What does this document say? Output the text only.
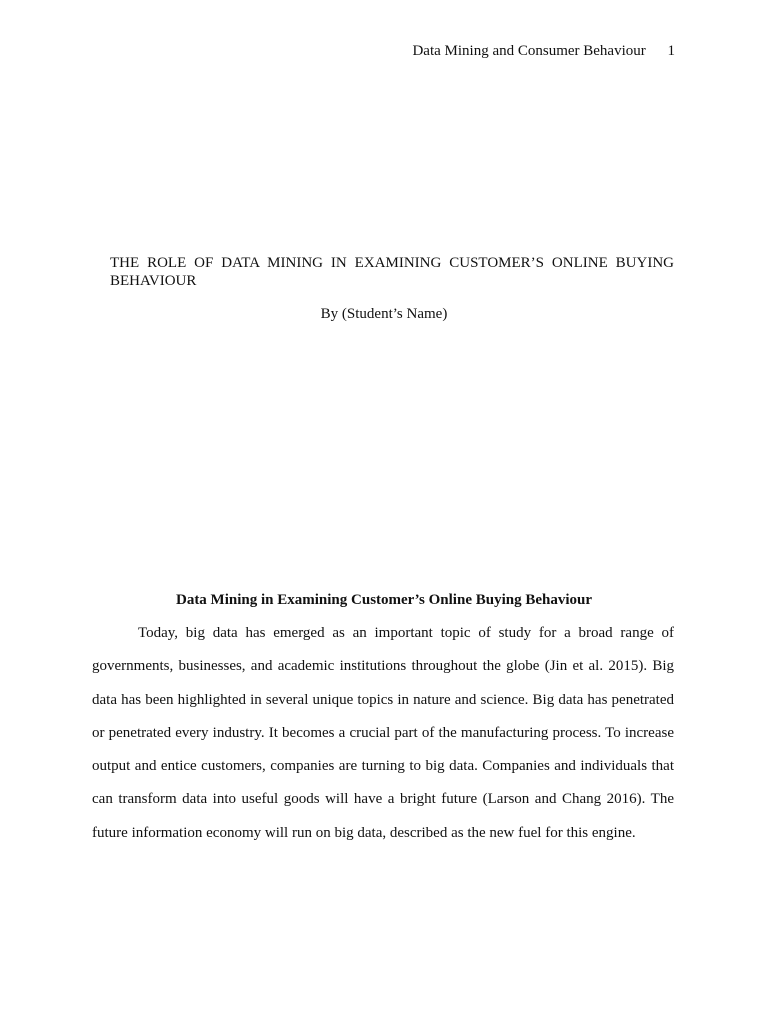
Data Mining and Consumer Behaviour 1
THE ROLE OF DATA MINING IN EXAMINING CUSTOMER’S ONLINE BUYING BEHAVIOUR
By (Student’s Name)
Data Mining in Examining Customer’s Online Buying Behaviour

Today, big data has emerged as an important topic of study for a broad range of governments, businesses, and academic institutions throughout the globe (Jin et al. 2015). Big data has been highlighted in several unique topics in nature and science. Big data has penetrated or penetrated every industry. It becomes a crucial part of the manufacturing process. To increase output and entice customers, companies are turning to big data. Companies and individuals that can transform data into useful goods will have a bright future (Larson and Chang 2016). The future information economy will run on big data, described as the new fuel for this engine.
